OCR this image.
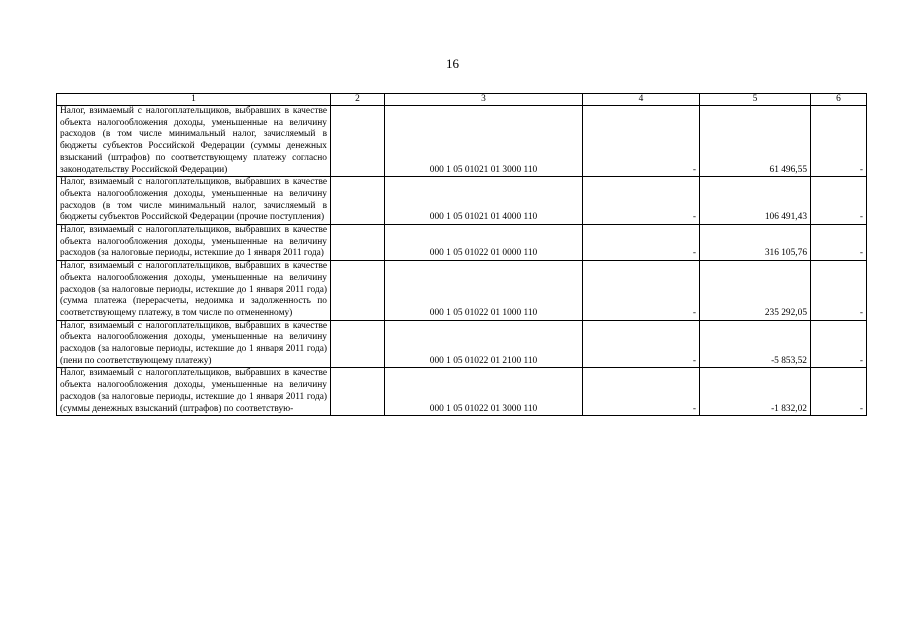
16
1	2	3	4	5	6
Налог, взимаемый с налогоплательщиков, выбравших в качестве объекта налогообложения доходы, уменьшенные на величину расходов (в том числе минимальный налог, зачисляемый в бюджеты субъектов Российской Федерации (суммы денежных взысканий (штрафов) по соответствующему платежу согласно законодательству Российской Федерации)		000 1 05 01021 01 3000 110	-	61 496,55	-
Налог, взимаемый с налогоплательщиков, выбравших в качестве объекта налогообложения доходы, уменьшенные на величину расходов (в том числе минимальный налог, зачисляемый в бюджеты субъектов Российской Федерации (прочие поступления)		000 1 05 01021 01 4000 110	-	106 491,43	-
Налог, взимаемый с налогоплательщиков, выбравших в качестве объекта налогообложения доходы, уменьшенные на величину расходов (за налоговые периоды, истекшие до 1 января 2011 года)		000 1 05 01022 01 0000 110	-	316 105,76	-
Налог, взимаемый с налогоплательщиков, выбравших в качестве объекта налогообложения доходы, уменьшенные на величину расходов (за налоговые периоды, истекшие до 1 января 2011 года) (сумма платежа (перерасчеты, недоимка и задолженность по соответствующему платежу, в том числе по отмененному)		000 1 05 01022 01 1000 110	-	235 292,05	-
Налог, взимаемый с налогоплательщиков, выбравших в качестве объекта налогообложения доходы, уменьшенные на величину расходов (за налоговые периоды, истекшие до 1 января 2011 года) (пени по соответствующему платежу)		000 1 05 01022 01 2100 110	-	-5 853,52	-
Налог, взимаемый с налогоплательщиков, выбравших в качестве объекта налогообложения доходы, уменьшенные на величину расходов (за налоговые периоды, истекшие до 1 января 2011 года) (суммы денежных взысканий (штрафов) по соответствую-		000 1 05 01022 01 3000 110	-	-1 832,02	-
